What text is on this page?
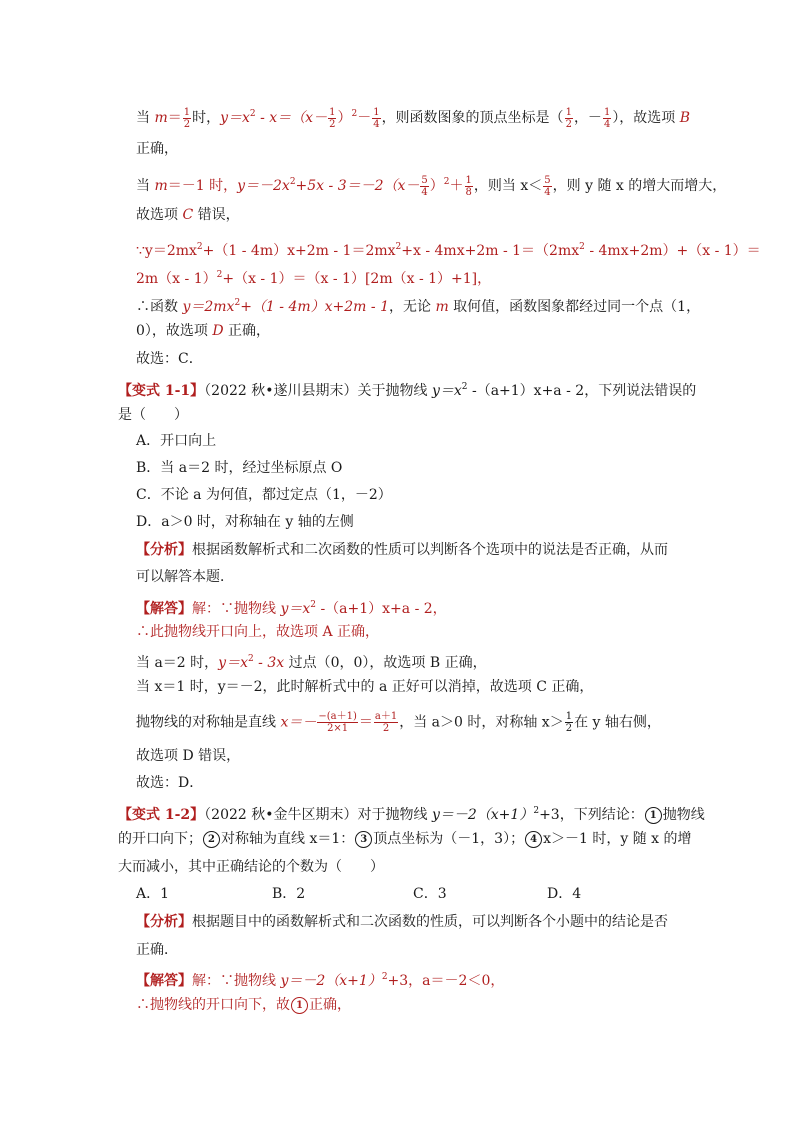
当 $m= \frac{1}{2}$ 时，$y=x^2 - x=(x- \frac{1}{2} )^2- \frac{1}{4}$ ，则函数图象的顶点坐标是（ $\frac{1}{2}$ ，－ $\frac{1}{4}$ ），故选项 B
正确，
当 m＝－1 时，$y=-2x^2+5x - 3=-2(x- \frac{5}{4} )^2+ \frac{1}{8}$ ，则当 $x< \frac{5}{4}$ ，则 y 随 x 的增大而增大，
故选项 C 错误，
$\because y=2mx^2+(1 - 4m)x+2m - 1=2mx^2+x - 4mx+2m - 1=(2mx^2 - 4mx+2m)+(x - 1)=$
2m（x - 1）$^2$+（x - 1）＝（x - 1）[2m（x - 1）+1]，
∴函数 $y=2mx^2+(1 - 4m)x+2m - 1$，无论 m 取何值，函数图象都经过同一个点（1，
0），故选项 D 正确，
故选：C．
【变式 1-1】（2022 秋•遂川县期末）关于抛物线 $y=x^2$ -（a+1）x+a - 2，下列说法错误的
是（　　）
A．开口向上
B．当 a＝2 时，经过坐标原点 O
C．不论 a 为何值，都过定点（1，－2）
D．a＞0 时，对称轴在 y 轴的左侧
【分析】根据函数解析式和二次函数的性质可以判断各个选项中的说法是否正确，从而
可以解答本题．
【解答】解：∵抛物线 $y=x^2$ -（a+1）x+a - 2，
∴此抛物线开口向上，故选项 A 正确，
当 a＝2 时，$y=x^2 - 3x$ 过点（0，0），故选项 B 正确，
当 x＝1 时，y＝－2，此时解析式中的 a 正好可以消掉，故选项 C 正确，
抛物线的对称轴是直线 $x=- \frac{-(a+1)}{2\times 1} = \frac{a+1}{2}$ ，当 a＞0 时，对称轴 $x> \frac{1}{2}$ 在 y 轴右侧，
故选项 D 错误，
故选：D．
【变式 1-2】（2022 秋•金牛区期末）对于抛物线 $y=-2(x+1)^2+3$，下列结论： 1 抛物线
的开口向下； 2 对称轴为直线 x＝1： 3 顶点坐标为（－1，3）； 4 x＞－1 时，y 随 x 的增
大而减小，其中正确结论的个数为（　　）
A．1	B．2	C．3	D．4
【分析】根据题目中的函数解析式和二次函数的性质，可以判断各个小题中的结论是否
正确．
【解答】解：∵抛物线 $y=-2(x+1)^2+3$，a＝－2＜0，
∴抛物线的开口向下，故 1 正确，
